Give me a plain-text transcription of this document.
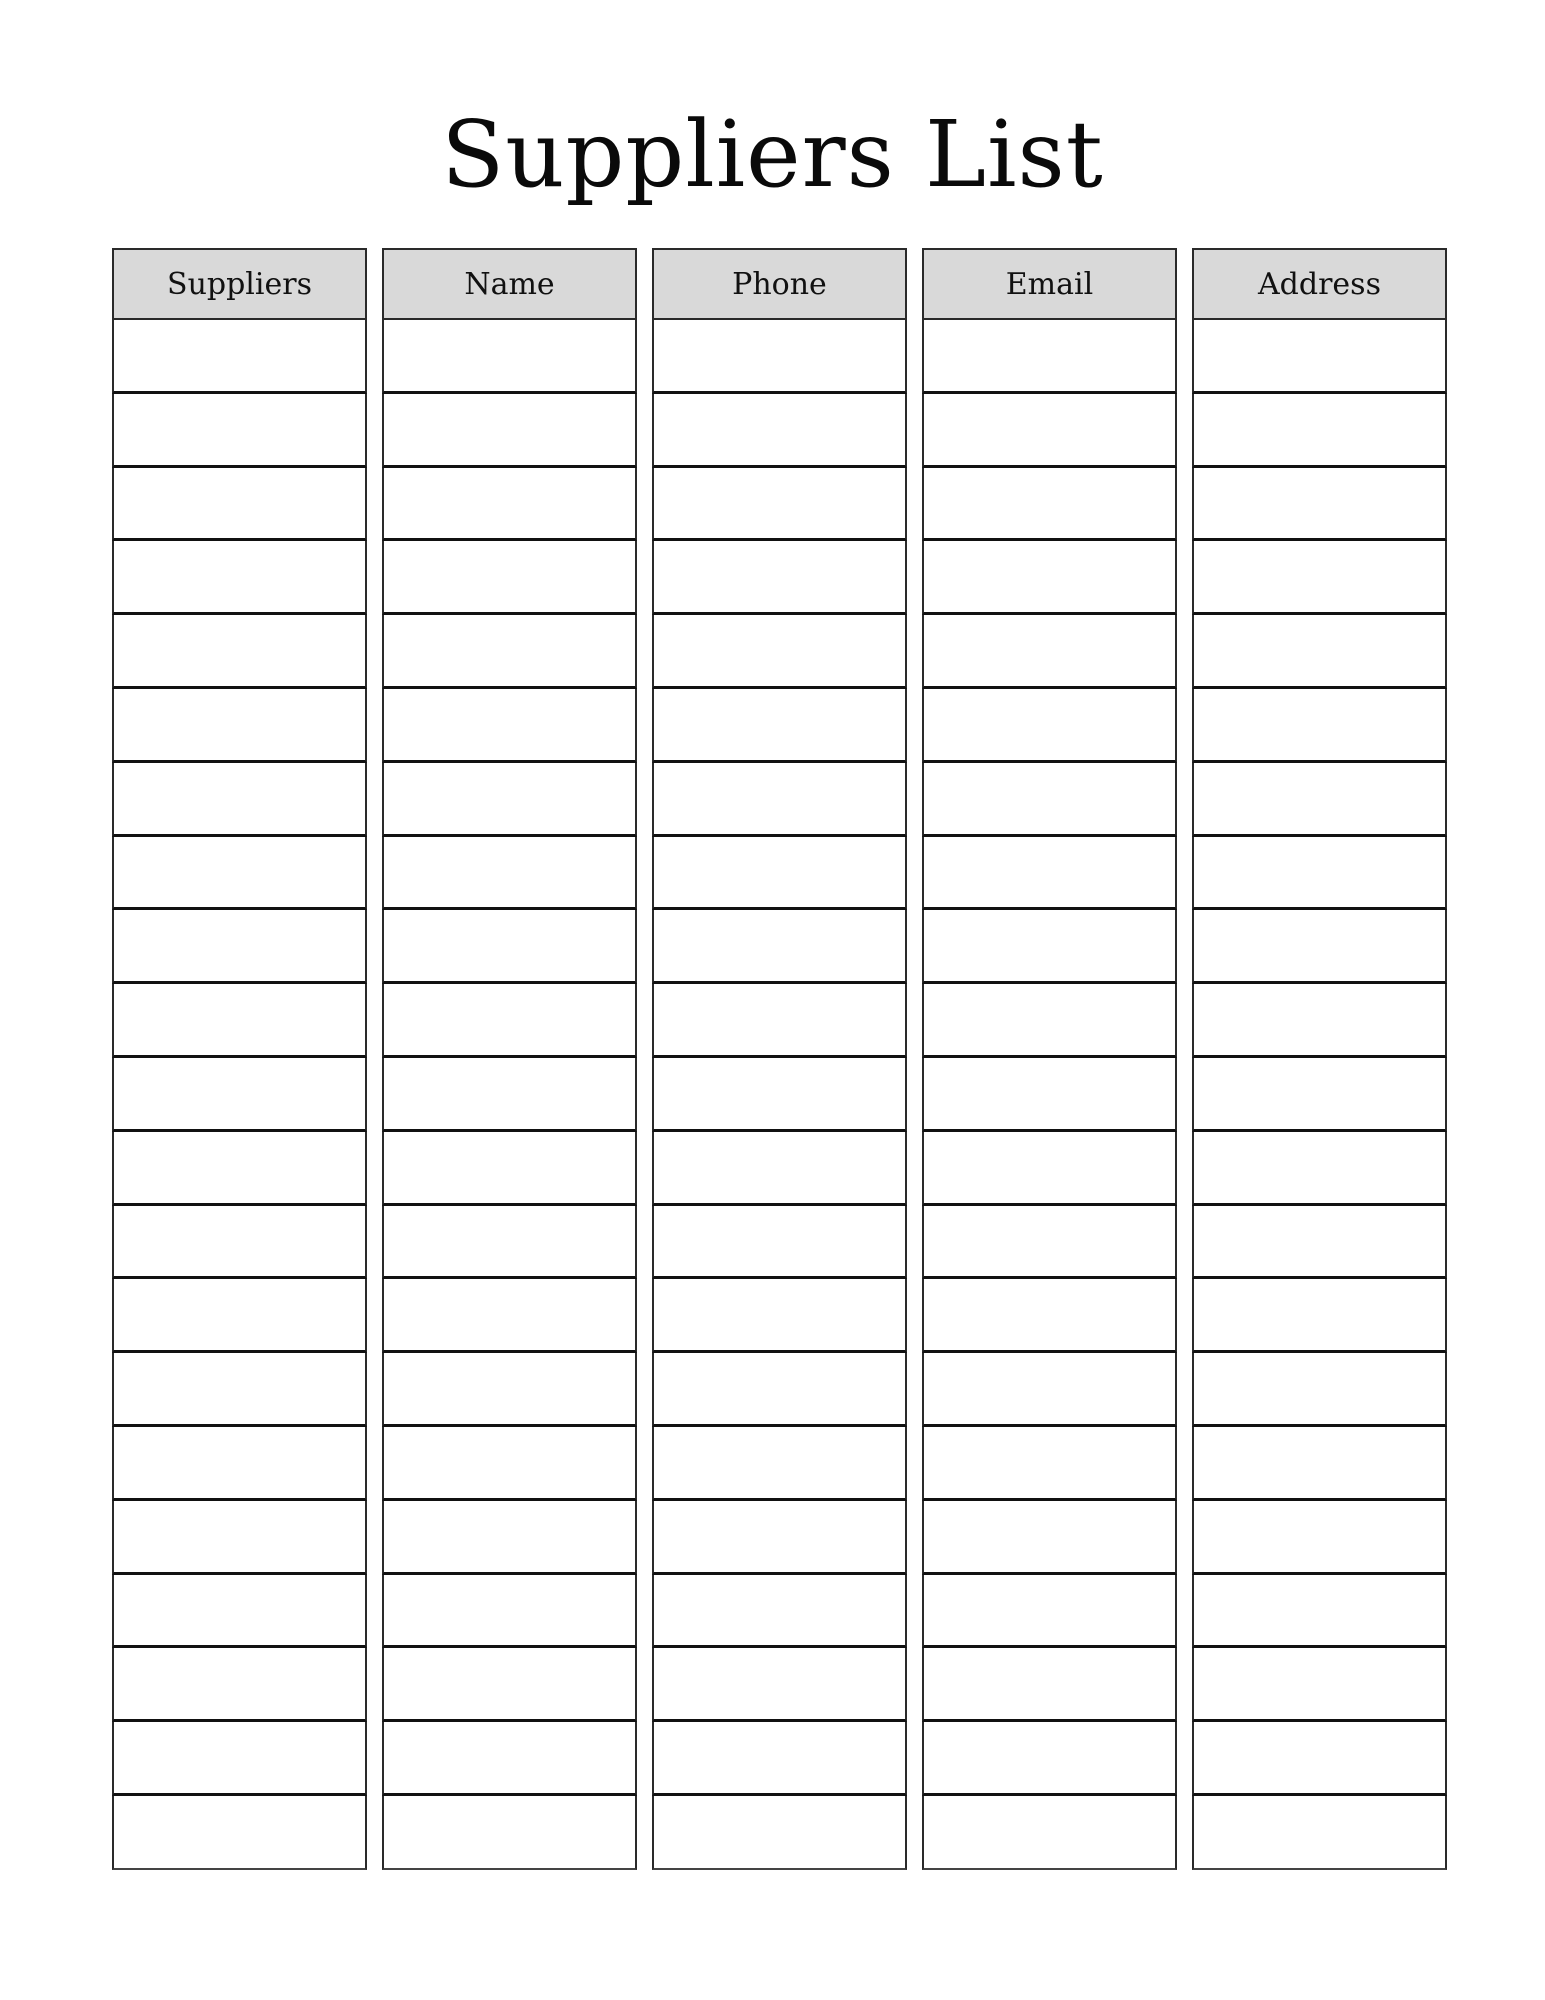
Suppliers List
Suppliers	Name	Phone	Email	Address
